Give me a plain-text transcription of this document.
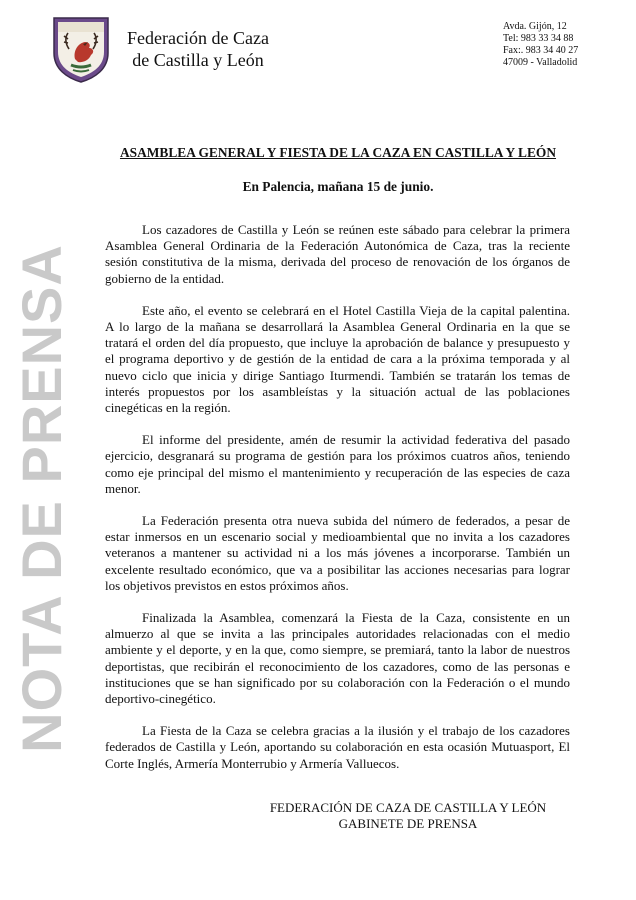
Federación de Caza
de Castilla y León
Avda. Gijón, 12
Tel: 983 33 34 88
Fax:. 983 34 40 27
47009 - Valladolid
NOTA DE PRENSA
ASAMBLEA GENERAL Y FIESTA DE LA CAZA EN CASTILLA Y LEÓN
En Palencia, mañana 15 de junio.

Los cazadores de Castilla y León se reúnen este sábado para celebrar la primera Asamblea General Ordinaria de la Federación Autonómica de Caza, tras la reciente sesión constitutiva de la misma, derivada del proceso de renovación de los órganos de gobierno de la entidad.

Este año, el evento se celebrará en el Hotel Castilla Vieja de la capital palentina. A lo largo de la mañana se desarrollará la Asamblea General Ordinaria en la que se tratará el orden del día propuesto, que incluye la aprobación de balance y presupuesto y el programa deportivo y de gestión de la entidad de cara a la próxima temporada y al nuevo ciclo que inicia y dirige Santiago Iturmendi. También se tratarán los temas de interés propuestos por los asambleístas y la situación actual de las poblaciones cinegéticas en la región.

El informe del presidente, amén de resumir la actividad federativa del pasado ejercicio, desgranará su programa de gestión para los próximos cuatros años, teniendo como eje principal del mismo el mantenimiento y recuperación de las especies de caza menor.

La Federación presenta otra nueva subida del número de federados, a pesar de estar inmersos en un escenario social y medioambiental que no invita a los cazadores veteranos a mantener su actividad ni a los más jóvenes a incorporarse. También un excelente resultado económico, que va a posibilitar las acciones necesarias para lograr los objetivos previstos en estos próximos años.

Finalizada la Asamblea, comenzará la Fiesta de la Caza, consistente en un almuerzo al que se invita a las principales autoridades relacionadas con el medio ambiente y el deporte, y en la que, como siempre, se premiará, tanto la labor de nuestros deportistas, que recibirán el reconocimiento de los cazadores, como de las personas e instituciones que se han significado por su colaboración con la Federación o el mundo deportivo-cinegético.

La Fiesta de la Caza se celebra gracias a la ilusión y el trabajo de los cazadores federados de Castilla y León, aportando su colaboración en esta ocasión Mutuasport, El Corte Inglés, Armería Monterrubio y Armería Valluecos.

FEDERACIÓN DE CAZA DE CASTILLA Y LEÓN
GABINETE DE PRENSA
